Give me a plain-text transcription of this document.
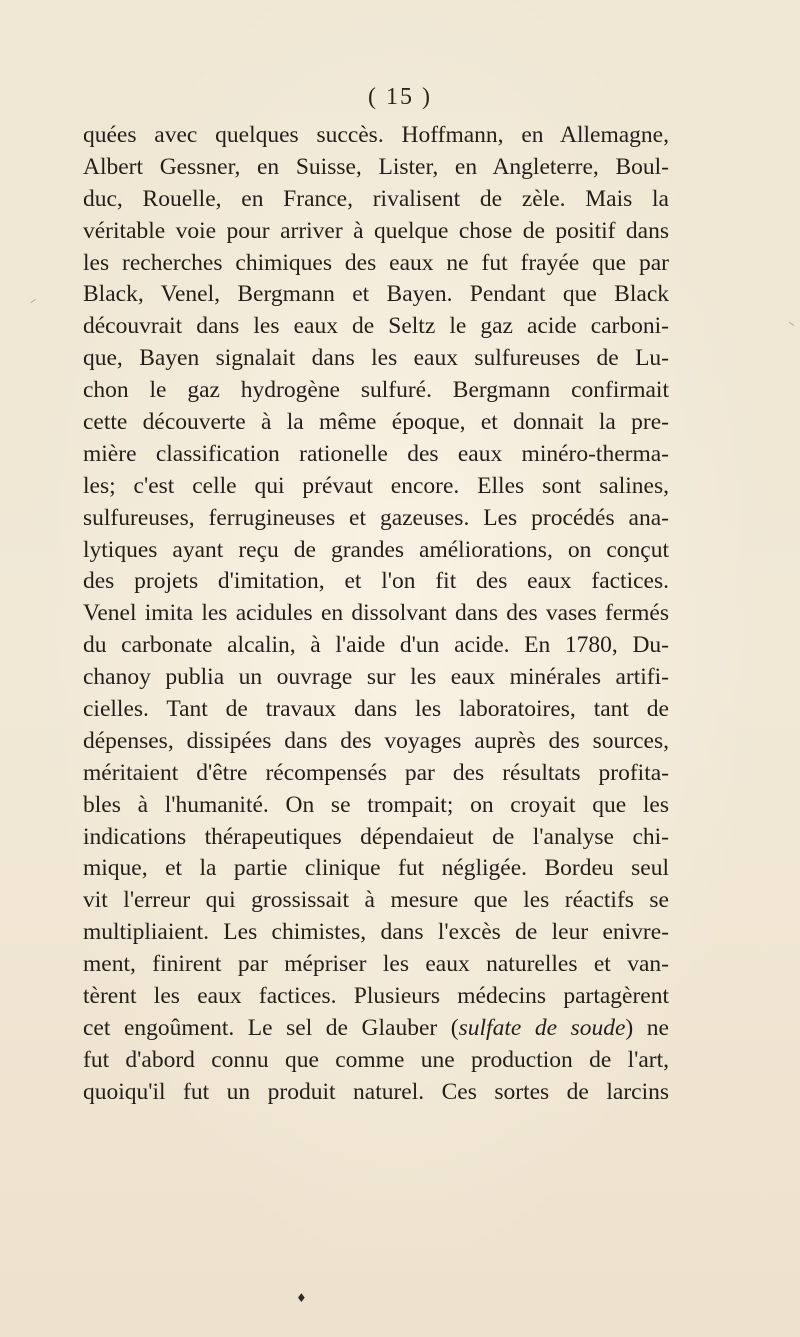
( 15 )
quées avec quelques succès. Hoffmann, en Allemagne,
Albert Gessner, en Suisse, Lister, en Angleterre, Boul-
duc, Rouelle, en France, rivalisent de zèle. Mais la
véritable voie pour arriver à quelque chose de positif dans
les recherches chimiques des eaux ne fut frayée que par
Black, Venel, Bergmann et Bayen. Pendant que Black
découvrait dans les eaux de Seltz le gaz acide carboni-
que, Bayen signalait dans les eaux sulfureuses de Lu-
chon le gaz hydrogène sulfuré. Bergmann confirmait
cette découverte à la même époque, et donnait la pre-
mière classification rationelle des eaux minéro-therma-
les; c'est celle qui prévaut encore. Elles sont salines,
sulfureuses, ferrugineuses et gazeuses. Les procédés ana-
lytiques ayant reçu de grandes améliorations, on conçut
des projets d'imitation, et l'on fit des eaux factices.
Venel imita les acidules en dissolvant dans des vases fermés
du carbonate alcalin, à l'aide d'un acide. En 1780, Du-
chanoy publia un ouvrage sur les eaux minérales artifi-
cielles. Tant de travaux dans les laboratoires, tant de
dépenses, dissipées dans des voyages auprès des sources,
méritaient d'être récompensés par des résultats profita-
bles à l'humanité. On se trompait; on croyait que les
indications thérapeutiques dépendaieut de l'analyse chi-
mique, et la partie clinique fut négligée. Bordeu seul
vit l'erreur qui grossissait à mesure que les réactifs se
multipliaient. Les chimistes, dans l'excès de leur enivre-
ment, finirent par mépriser les eaux naturelles et van-
tèrent les eaux factices. Plusieurs médecins partagèrent
cet engoûment. Le sel de Glauber (sulfate de soude) ne
fut d'abord connu que comme une production de l'art,
quoiqu'il fut un produit naturel. Ces sortes de larcins
♦
